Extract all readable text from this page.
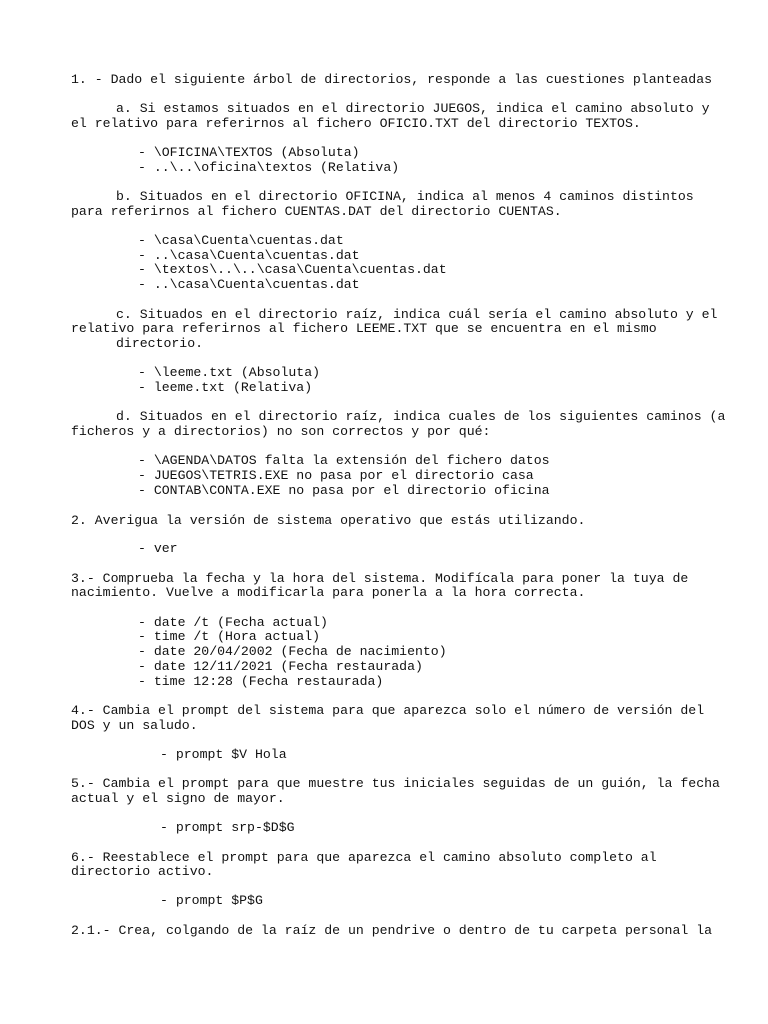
1. - Dado el siguiente árbol de directorios, responde a las cuestiones planteadas
a. Si estamos situados en el directorio JUEGOS, indica el camino absoluto y
el relativo para referirnos al fichero OFICIO.TXT del directorio TEXTOS.
- \OFICINA\TEXTOS (Absoluta)
- ..\..\oficina\textos (Relativa)
b. Situados en el directorio OFICINA, indica al menos 4 caminos distintos
para referirnos al fichero CUENTAS.DAT del directorio CUENTAS.
- \casa\Cuenta\cuentas.dat
- ..\casa\Cuenta\cuentas.dat
- \textos\..\..\casa\Cuenta\cuentas.dat
- ..\casa\Cuenta\cuentas.dat
c. Situados en el directorio raíz, indica cuál sería el camino absoluto y el
relativo para referirnos al fichero LEEME.TXT que se encuentra en el mismo
directorio.
- \leeme.txt (Absoluta)
- leeme.txt (Relativa)
d. Situados en el directorio raíz, indica cuales de los siguientes caminos (a
ficheros y a directorios) no son correctos y por qué:
- \AGENDA\DATOS falta la extensión del fichero datos
- JUEGOS\TETRIS.EXE no pasa por el directorio casa
- CONTAB\CONTA.EXE no pasa por el directorio oficina
2. Averigua la versión de sistema operativo que estás utilizando.
- ver
3.- Comprueba la fecha y la hora del sistema. Modifícala para poner la tuya de
nacimiento. Vuelve a modificarla para ponerla a la hora correcta.
- date /t (Fecha actual)
- time /t (Hora actual)
- date 20/04/2002 (Fecha de nacimiento)
- date 12/11/2021 (Fecha restaurada)
- time 12:28 (Fecha restaurada)
4.- Cambia el prompt del sistema para que aparezca solo el número de versión del
DOS y un saludo.
- prompt $V Hola
5.- Cambia el prompt para que muestre tus iniciales seguidas de un guión, la fecha
actual y el signo de mayor.
- prompt srp-$D$G
6.- Reestablece el prompt para que aparezca el camino absoluto completo al
directorio activo.
- prompt $P$G
2.1.- Crea, colgando de la raíz de un pendrive o dentro de tu carpeta personal la
